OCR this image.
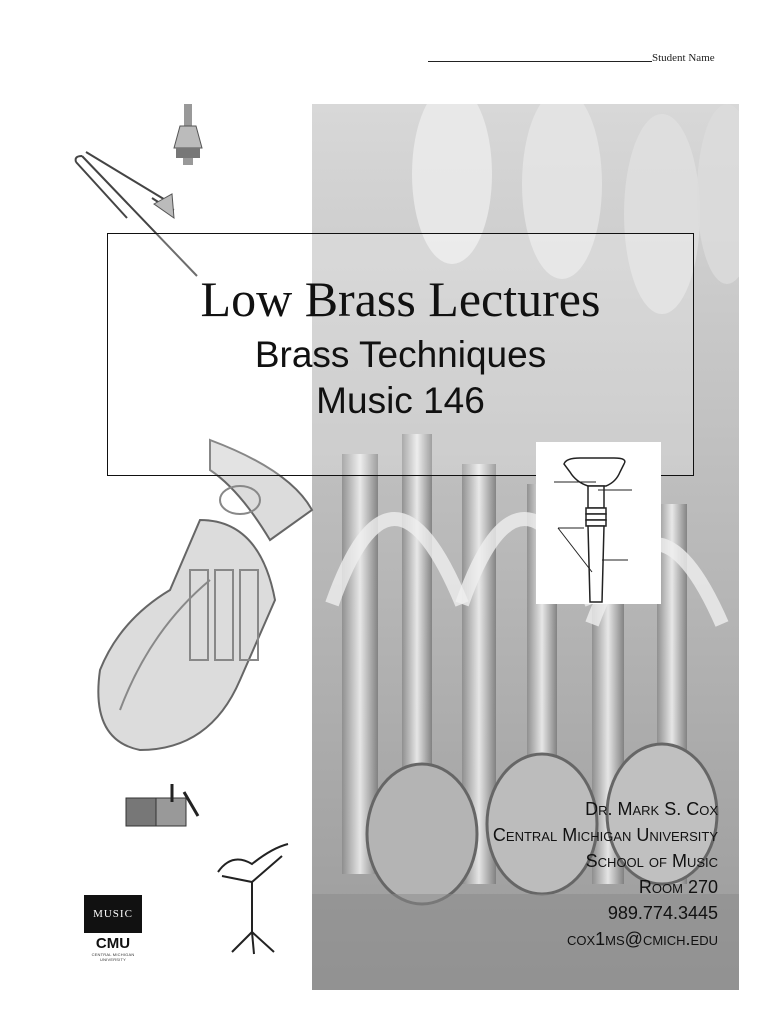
Student Name
Low Brass Lectures
Brass Techniques
Music 146
Dr. Mark S. Cox
Central Michigan University
School of Music
Room 270
989.774.3445
cox1ms@cmich.edu
MUSIC
CMU
CENTRAL MICHIGAN UNIVERSITY
